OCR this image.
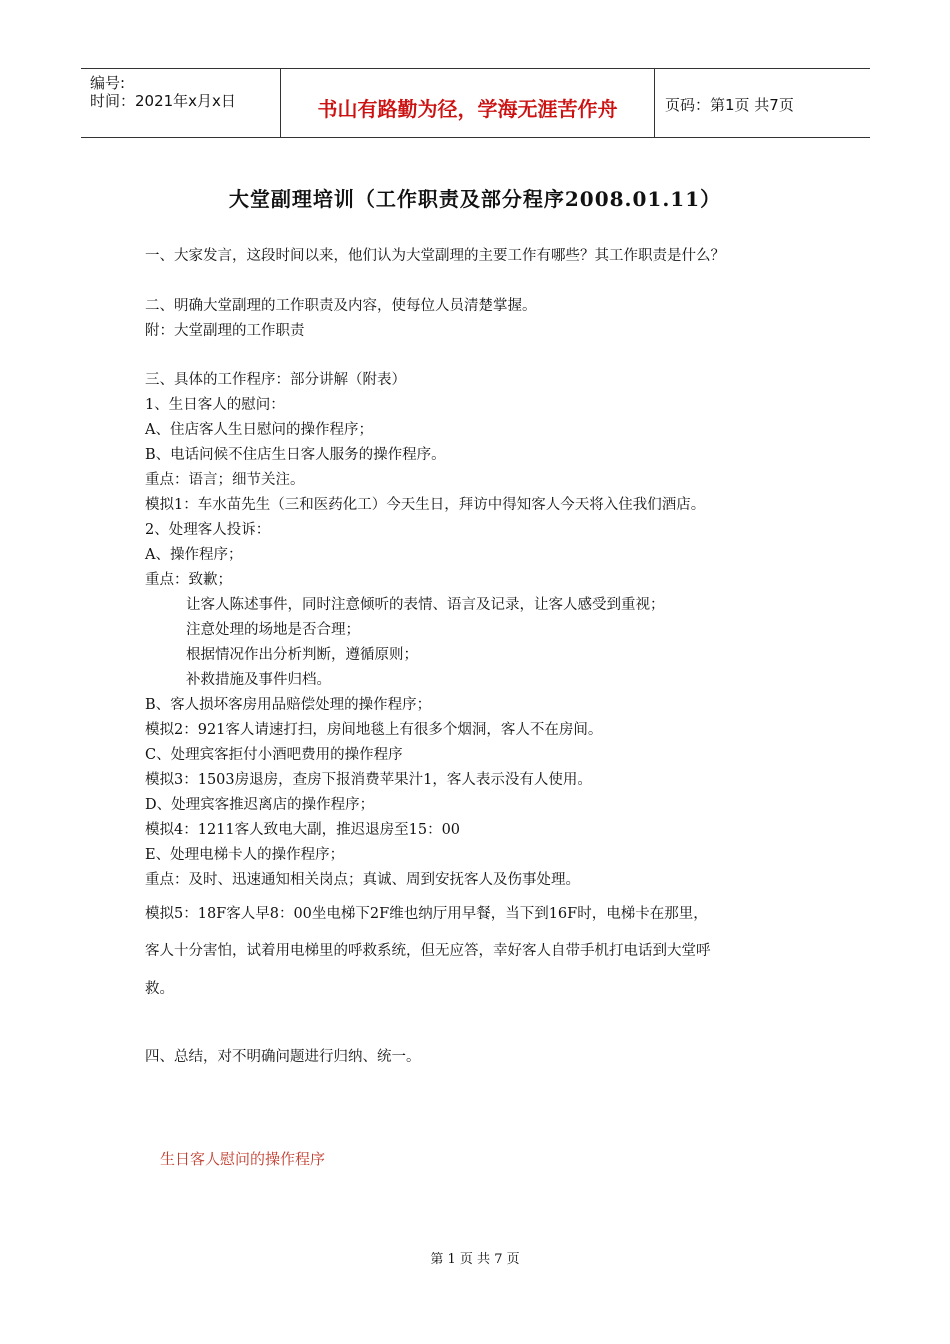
编号:
时间：2021年x月x日	书山有路勤为径，学海无涯苦作舟	页码：第1页 共7页
大堂副理培训（工作职责及部分程序2008.01.11）
一、大家发言，这段时间以来，他们认为大堂副理的主要工作有哪些？其工作职责是什么？
二、明确大堂副理的工作职责及内容，使每位人员清楚掌握。
附：大堂副理的工作职责
三、具体的工作程序：部分讲解（附表）
1、生日客人的慰问：
A、住店客人生日慰问的操作程序；
B、电话问候不住店生日客人服务的操作程序。
重点：语言；细节关注。
模拟1：车水苗先生（三和医药化工）今天生日，拜访中得知客人今天将入住我们酒店。
2、处理客人投诉：
A、操作程序；
重点：致歉；
让客人陈述事件，同时注意倾听的表情、语言及记录，让客人感受到重视；
注意处理的场地是否合理；
根据情况作出分析判断，遵循原则；
补救措施及事件归档。
B、客人损坏客房用品赔偿处理的操作程序；
模拟2：921客人请速打扫，房间地毯上有很多个烟洞，客人不在房间。
C、处理宾客拒付小酒吧费用的操作程序
模拟3：1503房退房，查房下报消费苹果汁1，客人表示没有人使用。
D、处理宾客推迟离店的操作程序；
模拟4：1211客人致电大副，推迟退房至15：00
E、处理电梯卡人的操作程序；
重点：及时、迅速通知相关岗点；真诚、周到安抚客人及伤事处理。
模拟5：18F客人早8：00坐电梯下2F维也纳厅用早餐，当下到16F时，电梯卡在那里，
客人十分害怕，试着用电梯里的呼救系统，但无应答，幸好客人自带手机打电话到大堂呼
救。
四、总结，对不明确问题进行归纳、统一。
生日客人慰问的操作程序
第 1 页 共 7 页
